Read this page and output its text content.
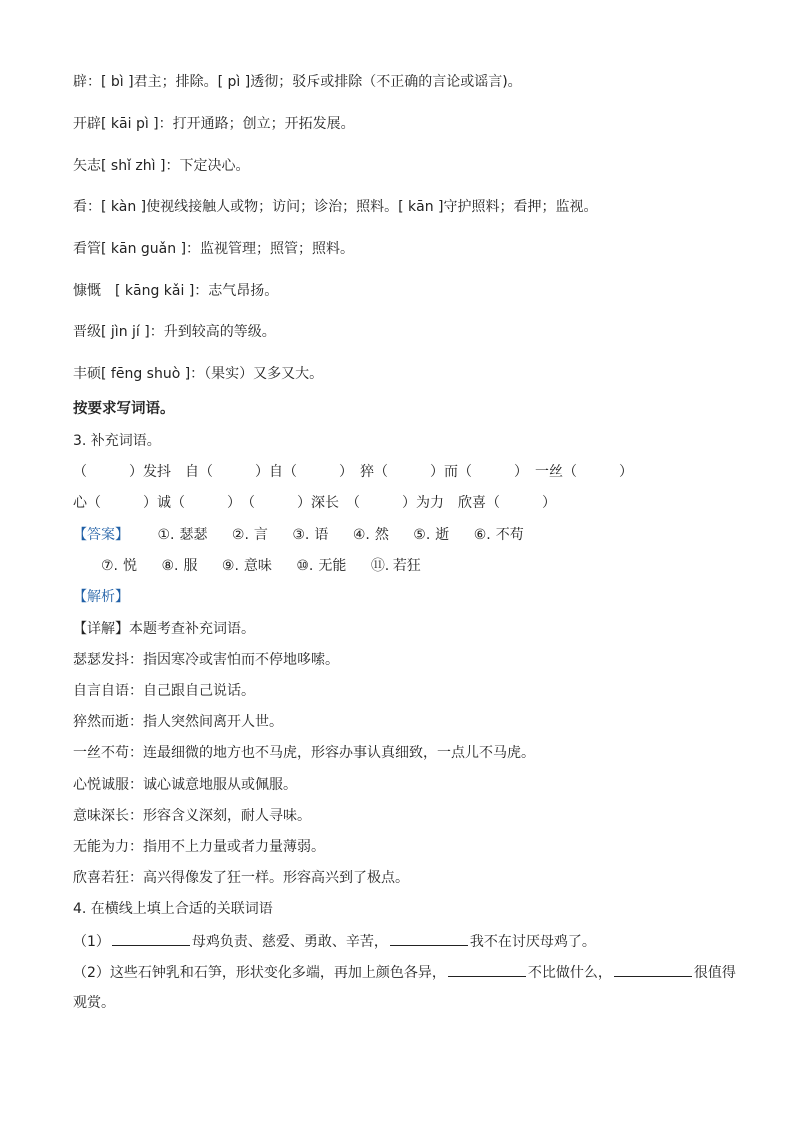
辟：[ bì ]君主；排除。[ pì ]透彻；驳斥或排除（不正确的言论或谣言)。
开辟[ kāi pì ]：打开通路；创立；开拓发展。
矢志[ shǐ zhì ]：下定决心。
看：[ kàn ]使视线接触人或物；访问；诊治；照料。[ kān ]守护照料；看押；监视。
看管[ kān guǎn ]：监视管理；照管；照料。
慷慨　[ kāng kǎi ]：志气昂扬。
晋级[ jìn jí ]：升到较高的等级。
丰硕[ fēng shuò ]：（果实）又多又大。
按要求写词语。
3. 补充词语。
（　　　）发抖　自（　　　）自（　　　）　猝（　　　）而（　　　）　一丝（　　　）
心（　　　）诚（　　　）　（　　　）深长　（　　　）为力　欣喜（　　　）
【答案】 ①. 瑟瑟 ②. 言 ③. 语 ④. 然 ⑤. 逝 ⑥. 不苟
⑦. 悦 ⑧. 服 ⑨. 意味 ⑩. 无能 ⑪. 若狂
【解析】
【详解】本题考查补充词语。
瑟瑟发抖：指因寒冷或害怕而不停地哆嗦。
自言自语：自己跟自己说话。
猝然而逝：指人突然间离开人世。
一丝不苟：连最细微的地方也不马虎，形容办事认真细致，一点儿不马虎。
心悦诚服：诚心诚意地服从或佩服。
意味深长：形容含义深刻，耐人寻味。
无能为力：指用不上力量或者力量薄弱。
欣喜若狂：高兴得像发了狂一样。形容高兴到了极点。
4. 在横线上填上合适的关联词语
（1）	母鸡负责、慈爱、勇敢、辛苦，	我不在讨厌母鸡了。
（2）这些石钟乳和石笋，形状变化多端，再加上颜色各异，	不比做什么，	很值得
观赏。
